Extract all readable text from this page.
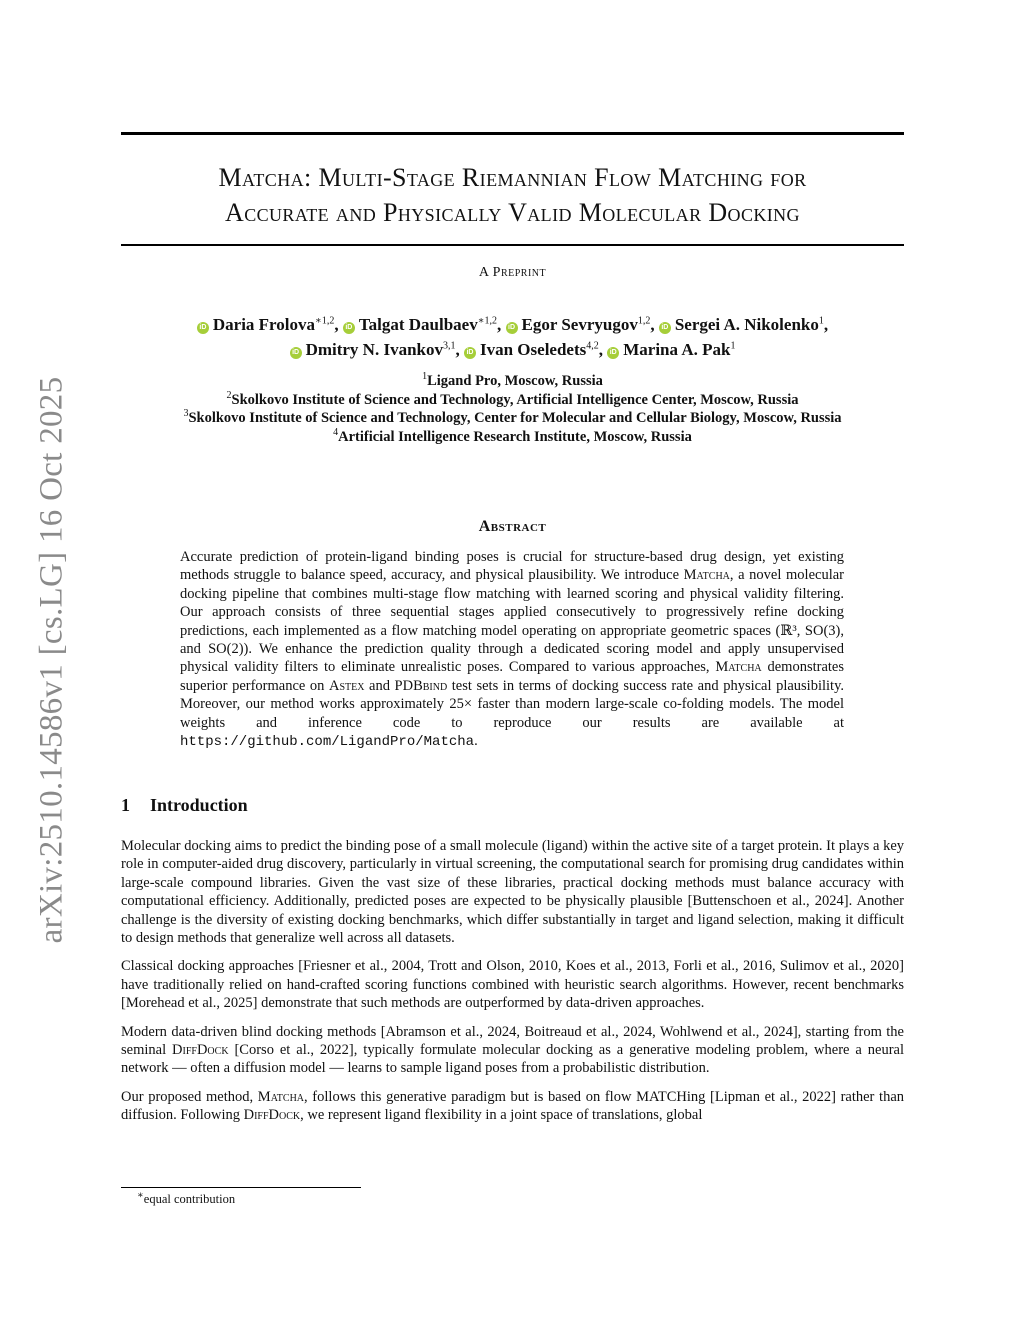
arXiv:2510.14586v1 [cs.LG] 16 Oct 2025
Matcha: Multi-Stage Riemannian Flow Matching for
Accurate and Physically Valid Molecular Docking
A Preprint
iD Daria Frolova$^{∗1,2}$, iD Talgat Daulbaev$^{∗1,2}$, iD Egor Sevryugov$^{1,2}$, iD Sergei A. Nikolenko$^1$,
iD Dmitry N. Ivankov$^{3,1}$, iD Ivan Oseledets$^{4,2}$, iD Marina A. Pak$^1$
$^1$Ligand Pro, Moscow, Russia
$^2$Skolkovo Institute of Science and Technology, Artificial Intelligence Center, Moscow, Russia
$^3$Skolkovo Institute of Science and Technology, Center for Molecular and Cellular Biology, Moscow, Russia
$^4$Artificial Intelligence Research Institute, Moscow, Russia
Abstract

Accurate prediction of protein-ligand binding poses is crucial for structure-based drug design, yet existing methods struggle to balance speed, accuracy, and physical plausibility. We introduce Matcha, a novel molecular docking pipeline that combines multi-stage flow matching with learned scoring and physical validity filtering. Our approach consists of three sequential stages applied consecutively to progressively refine docking predictions, each implemented as a flow matching model operating on appropriate geometric spaces (ℝ³, SO(3), and SO(2)). We enhance the prediction quality through a dedicated scoring model and apply unsupervised physical validity filters to eliminate unrealistic poses. Compared to various approaches, Matcha demonstrates superior performance on Astex and PDBbind test sets in terms of docking success rate and physical plausibility. Moreover, our method works approximately 25× faster than modern large-scale co-folding models. The model weights and inference code to reproduce our results are available at https://github.com/LigandPro/Matcha.

1 Introduction

Molecular docking aims to predict the binding pose of a small molecule (ligand) within the active site of a target protein. It plays a key role in computer-aided drug discovery, particularly in virtual screening, the computational search for promising drug candidates within large-scale compound libraries. Given the vast size of these libraries, practical docking methods must balance accuracy with computational efficiency. Additionally, predicted poses are expected to be physically plausible [Buttenschoen et al., 2024]. Another challenge is the diversity of existing docking benchmarks, which differ substantially in target and ligand selection, making it difficult to design methods that generalize well across all datasets.

Classical docking approaches [Friesner et al., 2004, Trott and Olson, 2010, Koes et al., 2013, Forli et al., 2016, Sulimov et al., 2020] have traditionally relied on hand-crafted scoring functions combined with heuristic search algorithms. However, recent benchmarks [Morehead et al., 2025] demonstrate that such methods are outperformed by data-driven approaches.

Modern data-driven blind docking methods [Abramson et al., 2024, Boitreaud et al., 2024, Wohlwend et al., 2024], starting from the seminal DiffDock [Corso et al., 2022], typically formulate molecular docking as a generative modeling problem, where a neural network — often a diffusion model — learns to sample ligand poses from a probabilistic distribution.

Our proposed method, Matcha, follows this generative paradigm but is based on flow MATCHing [Lipman et al., 2022] rather than diffusion. Following DiffDock, we represent ligand flexibility in a joint space of translations, global

∗equal contribution
